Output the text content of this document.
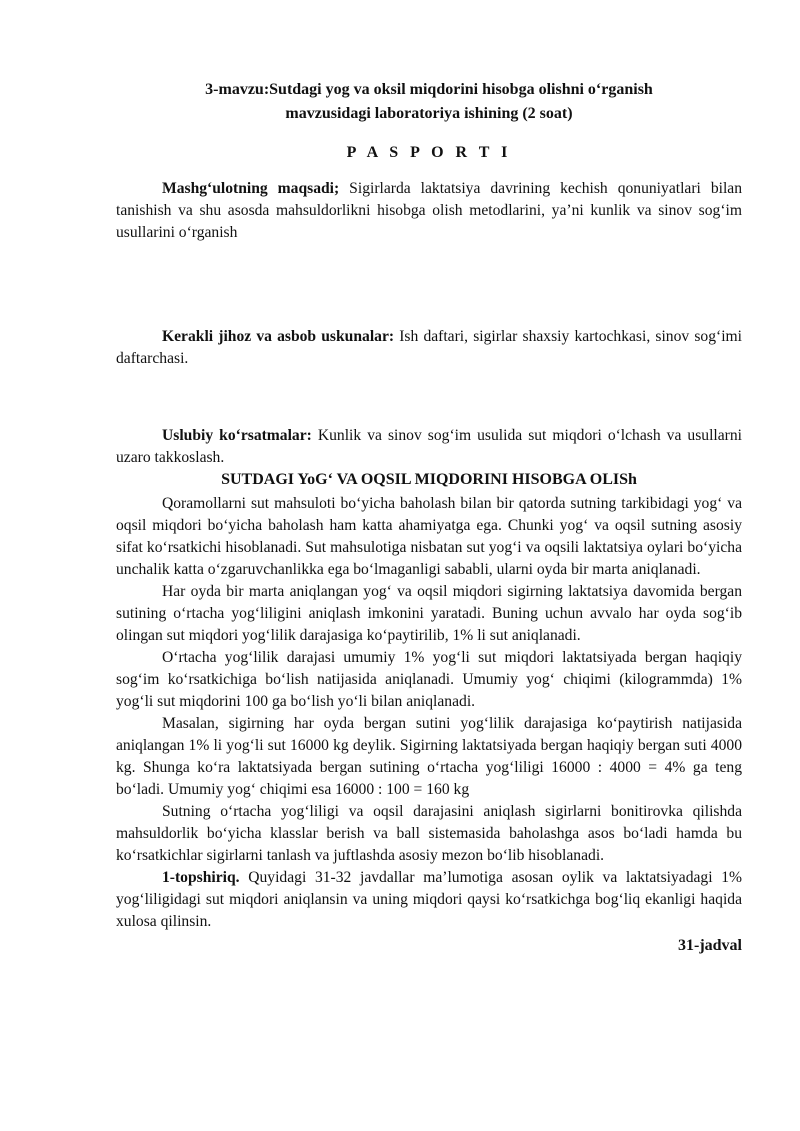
3-mavzu:Sutdagi yog va oksil miqdorini hisobga olishni o‘rganish
mavzusidagi laboratoriya ishining (2 soat)
P A S P O R T I

Mashg‘ulotning maqsadi; Sigirlarda laktatsiya davrining kechish qonuniyatlari bilan tanishish va shu asosda mahsuldorlikni hisobga olish metodlarini, ya’ni kunlik va sinov sog‘im usullarini o‘rganish

Kerakli jihoz va asbob uskunalar: Ish daftari, sigirlar shaxsiy kartochkasi, sinov sog‘imi daftarchasi.

Uslubiy ko‘rsatmalar: Kunlik va sinov sog‘im usulida sut miqdori o‘lchash va usullarni uzaro takkoslash.

SUTDAGI YoG‘ VA OQSIL MIQDORINI HISOBGA OLISh

Qoramollarni sut mahsuloti bo‘yicha baholash bilan bir qatorda sutning tarkibidagi yog‘ va oqsil miqdori bo‘yicha baholash ham katta ahamiyatga ega. Chunki yog‘ va oqsil sutning asosiy sifat ko‘rsatkichi hisoblanadi. Sut mahsulotiga nisbatan sut yog‘i va oqsili laktatsiya oylari bo‘yicha unchalik katta o‘zgaruvchanlikka ega bo‘lmaganligi sababli, ularni oyda bir marta aniqlanadi.

Har oyda bir marta aniqlangan yog‘ va oqsil miqdori sigirning laktatsiya davomida bergan sutining o‘rtacha yog‘liligini aniqlash imkonini yaratadi. Buning uchun avvalo har oyda sog‘ib olingan sut miqdori yog‘lilik darajasiga ko‘paytirilib, 1% li sut aniqlanadi.

O‘rtacha yog‘lilik darajasi umumiy 1% yog‘li sut miqdori laktatsiyada bergan haqiqiy sog‘im ko‘rsatkichiga bo‘lish natijasida aniqlanadi. Umumiy yog‘ chiqimi (kilogrammda) 1% yog‘li sut miqdorini 100 ga bo‘lish yo‘li bilan aniqlanadi.

Masalan, sigirning har oyda bergan sutini yog‘lilik darajasiga ko‘paytirish natijasida aniqlangan 1% li yog‘li sut 16000 kg deylik. Sigirning laktatsiyada bergan haqiqiy bergan suti 4000 kg. Shunga ko‘ra laktatsiyada bergan sutining o‘rtacha yog‘liligi 16000 : 4000 = 4% ga teng bo‘ladi. Umumiy yog‘ chiqimi esa 16000 : 100 = 160 kg

Sutning o‘rtacha yog‘liligi va oqsil darajasini aniqlash sigirlarni bonitirovka qilishda mahsuldorlik bo‘yicha klasslar berish va ball sistemasida baholashga asos bo‘ladi hamda bu ko‘rsatkichlar sigirlarni tanlash va juftlashda asosiy mezon bo‘lib hisoblanadi.

1-topshiriq. Quyidagi 31-32 javdallar ma’lumotiga asosan oylik va laktatsiyadagi 1% yog‘liligidagi sut miqdori aniqlansin va uning miqdori qaysi ko‘rsatkichga bog‘liq ekanligi haqida xulosa qilinsin.

31-jadval
